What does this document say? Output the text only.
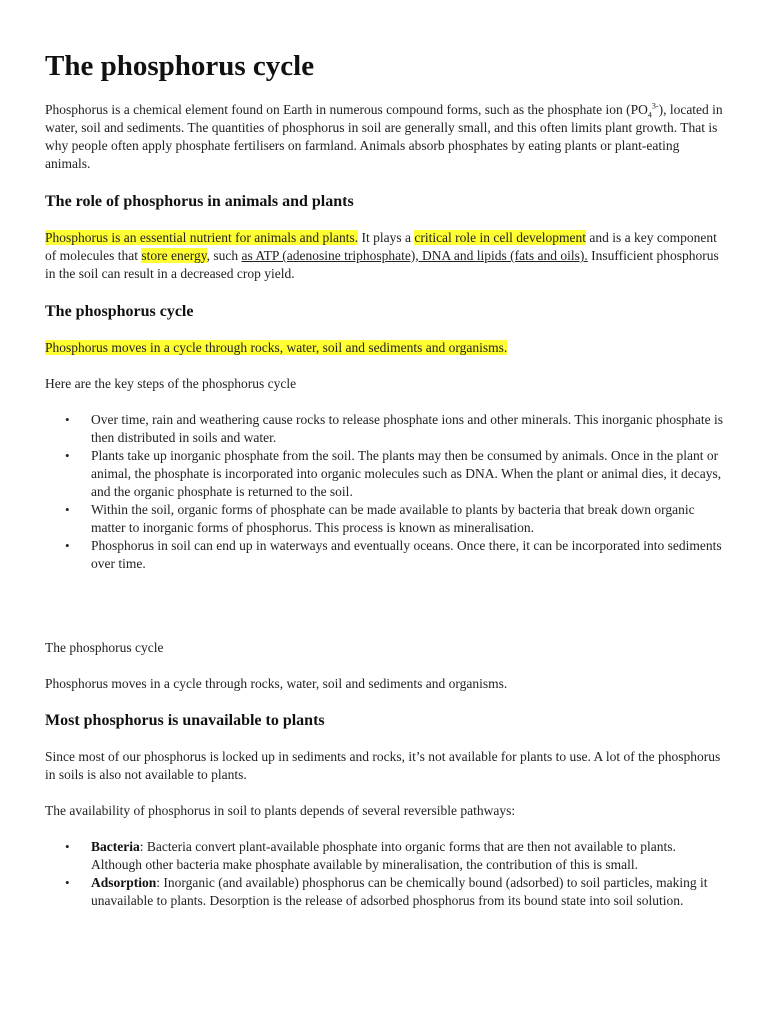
The phosphorus cycle

Phosphorus is a chemical element found on Earth in numerous compound forms, such as the phosphate ion $(PO_4^{3-})$, located in water, soil and sediments. The quantities of phosphorus in soil are generally small, and this often limits plant growth. That is why people often apply phosphate fertilisers on farmland. Animals absorb phosphates by eating plants or plant-eating animals.

The role of phosphorus in animals and plants

Phosphorus is an essential nutrient for animals and plants. It plays a critical role in cell development and is a key component of molecules that store energy, such as ATP (adenosine triphosphate), DNA and lipids (fats and oils). Insufficient phosphorus in the soil can result in a decreased crop yield.

The phosphorus cycle

Phosphorus moves in a cycle through rocks, water, soil and sediments and organisms.

Here are the key steps of the phosphorus cycle

• Over time, rain and weathering cause rocks to release phosphate ions and other minerals. This inorganic phosphate is then distributed in soils and water.
• Plants take up inorganic phosphate from the soil. The plants may then be consumed by animals. Once in the plant or animal, the phosphate is incorporated into organic molecules such as DNA. When the plant or animal dies, it decays, and the organic phosphate is returned to the soil.
• Within the soil, organic forms of phosphate can be made available to plants by bacteria that break down organic matter to inorganic forms of phosphorus. This process is known as mineralisation.
• Phosphorus in soil can end up in waterways and eventually oceans. Once there, it can be incorporated into sediments over time.

The phosphorus cycle

Phosphorus moves in a cycle through rocks, water, soil and sediments and organisms.

Most phosphorus is unavailable to plants

Since most of our phosphorus is locked up in sediments and rocks, it’s not available for plants to use. A lot of the phosphorus in soils is also not available to plants.

The availability of phosphorus in soil to plants depends of several reversible pathways:

• Bacteria: Bacteria convert plant-available phosphate into organic forms that are then not available to plants. Although other bacteria make phosphate available by mineralisation, the contribution of this is small.
• Adsorption: Inorganic (and available) phosphorus can be chemically bound (adsorbed) to soil particles, making it unavailable to plants. Desorption is the release of adsorbed phosphorus from its bound state into soil solution.
